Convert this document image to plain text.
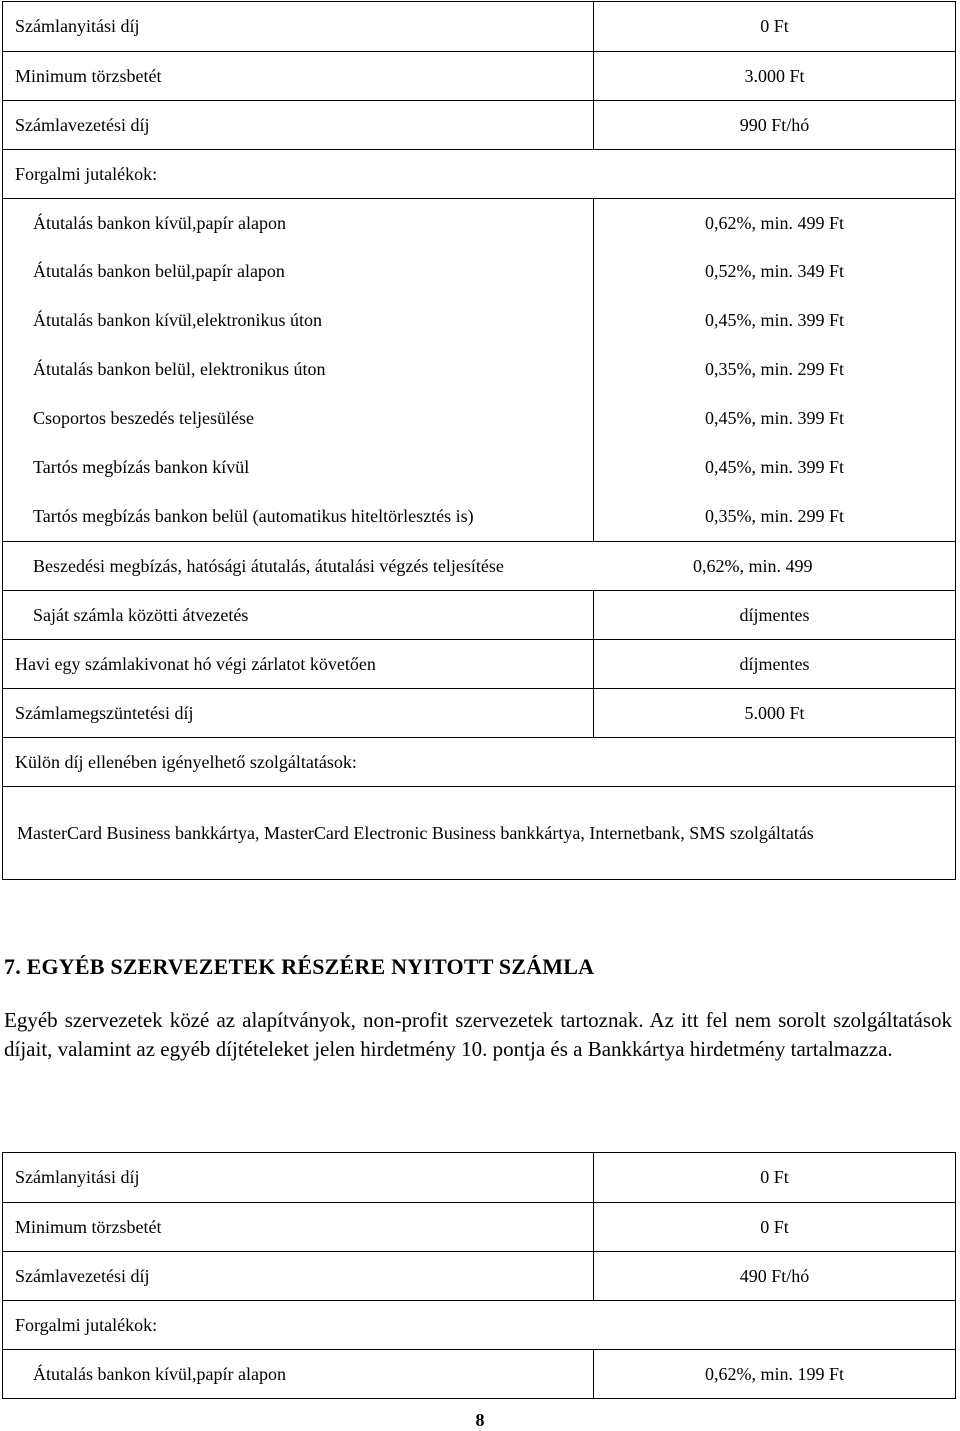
Számlanyitási díj	0 Ft
Minimum törzsbetét	3.000 Ft
Számlavezetési díj	990 Ft/hó
Forgalmi jutalékok:
Átutalás bankon kívül,papír alapon	0,62%, min. 499 Ft
Átutalás bankon belül,papír alapon	0,52%, min. 349 Ft
Átutalás bankon kívül,elektronikus úton	0,45%, min. 399 Ft
Átutalás bankon belül, elektronikus úton	0,35%, min. 299 Ft
Csoportos beszedés teljesülése	0,45%, min. 399 Ft
Tartós megbízás bankon kívül	0,45%, min. 399 Ft
Tartós megbízás bankon belül (automatikus hiteltörlesztés is)	0,35%, min. 299 Ft
Beszedési megbízás, hatósági átutalás, átutalási végzés teljesítése	0,62%, min. 499
Saját számla közötti átvezetés	díjmentes
Havi egy számlakivonat hó végi zárlatot követően	díjmentes
Számlamegszüntetési díj	5.000 Ft
Külön díj ellenében igényelhető szolgáltatások:
MasterCard Business bankkártya, MasterCard Electronic Business bankkártya, Internetbank, SMS szolgáltatás
7. EGYÉB SZERVEZETEK RÉSZÉRE NYITOTT SZÁMLA

Egyéb szervezetek közé az alapítványok, non-profit szervezetek tartoznak. Az itt fel nem sorolt szolgáltatások díjait, valamint az egyéb díjtételeket jelen hirdetmény 10. pontja és a Bankkártya hirdetmény tartalmazza.

Számlanyitási díj	0 Ft
Minimum törzsbetét	0 Ft
Számlavezetési díj	490 Ft/hó
Forgalmi jutalékok:
Átutalás bankon kívül,papír alapon	0,62%, min. 199 Ft
8
